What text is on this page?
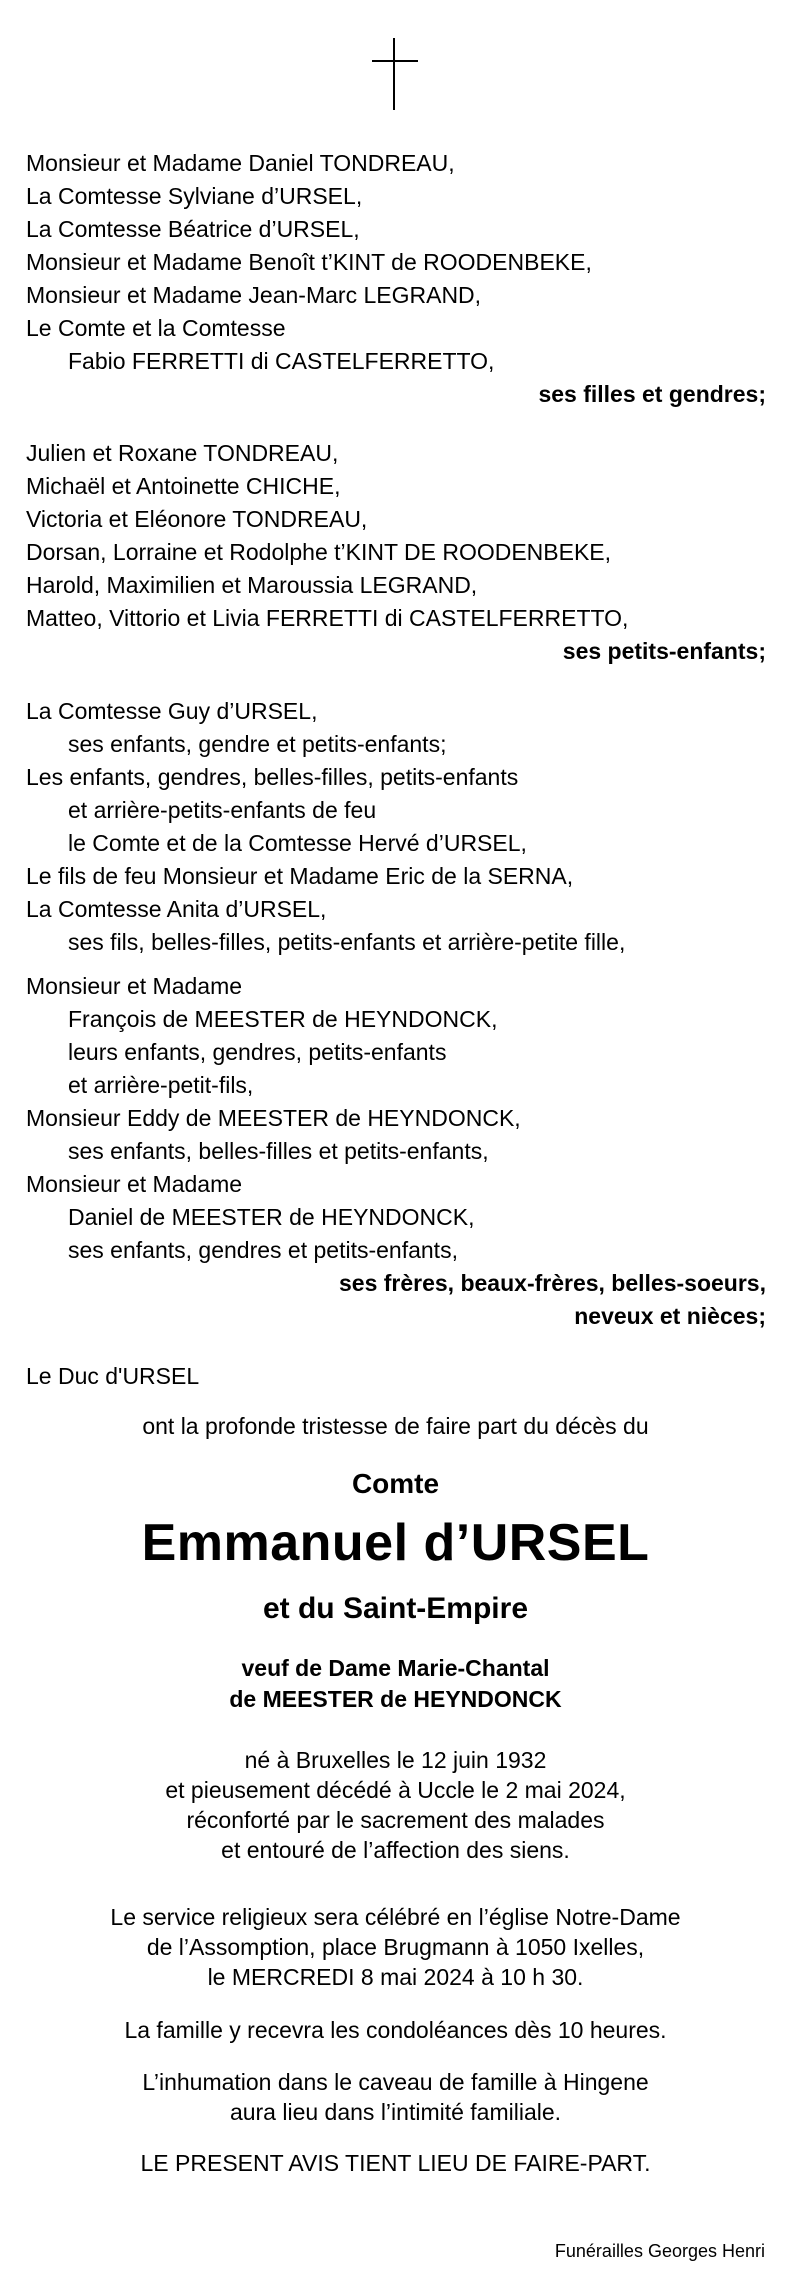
Monsieur et Madame Daniel TONDREAU,
La Comtesse Sylviane d’URSEL,
La Comtesse Béatrice d’URSEL,
Monsieur et Madame Benoît t’KINT de ROODENBEKE,
Monsieur et Madame Jean-Marc LEGRAND,
Le Comte et la Comtesse
Fabio FERRETTI di CASTELFERRETTO,
ses filles et gendres;
Julien et Roxane TONDREAU,
Michaël et Antoinette CHICHE,
Victoria et Eléonore TONDREAU,
Dorsan, Lorraine et Rodolphe t’KINT DE ROODENBEKE,
Harold, Maximilien et Maroussia LEGRAND,
Matteo, Vittorio et Livia FERRETTI di CASTELFERRETTO,
ses petits-enfants;
La Comtesse Guy d’URSEL,
ses enfants, gendre et petits-enfants;
Les enfants, gendres, belles-filles, petits-enfants
et arrière-petits-enfants de feu
le Comte et de la Comtesse Hervé d’URSEL,
Le fils de feu Monsieur et Madame Eric de la SERNA,
La Comtesse Anita d’URSEL,
ses fils, belles-filles, petits-enfants et arrière-petite fille,
Monsieur et Madame
François de MEESTER de HEYNDONCK,
leurs enfants, gendres, petits-enfants
et arrière-petit-fils,
Monsieur Eddy de MEESTER de HEYNDONCK,
ses enfants, belles-filles et petits-enfants,
Monsieur et Madame
Daniel de MEESTER de HEYNDONCK,
ses enfants, gendres et petits-enfants,
ses frères, beaux-frères, belles-soeurs,
neveux et nièces;
Le Duc d'URSEL
ont la profonde tristesse de faire part du décès du
Comte
Emmanuel d’URSEL
et du Saint-Empire
veuf de Dame Marie-Chantal
de MEESTER de HEYNDONCK
né à Bruxelles le 12 juin 1932
et pieusement décédé à Uccle le 2 mai 2024,
réconforté par le sacrement des malades
et entouré de l’affection des siens.
Le service religieux sera célébré en l’église Notre-Dame
de l’Assomption, place Brugmann à 1050 Ixelles,
le MERCREDI 8 mai 2024 à 10 h 30.
La famille y recevra les condoléances dès 10 heures.
L’inhumation dans le caveau de famille à Hingene
aura lieu dans l’intimité familiale.
LE PRESENT AVIS TIENT LIEU DE FAIRE-PART.
Funérailles Georges Henri
